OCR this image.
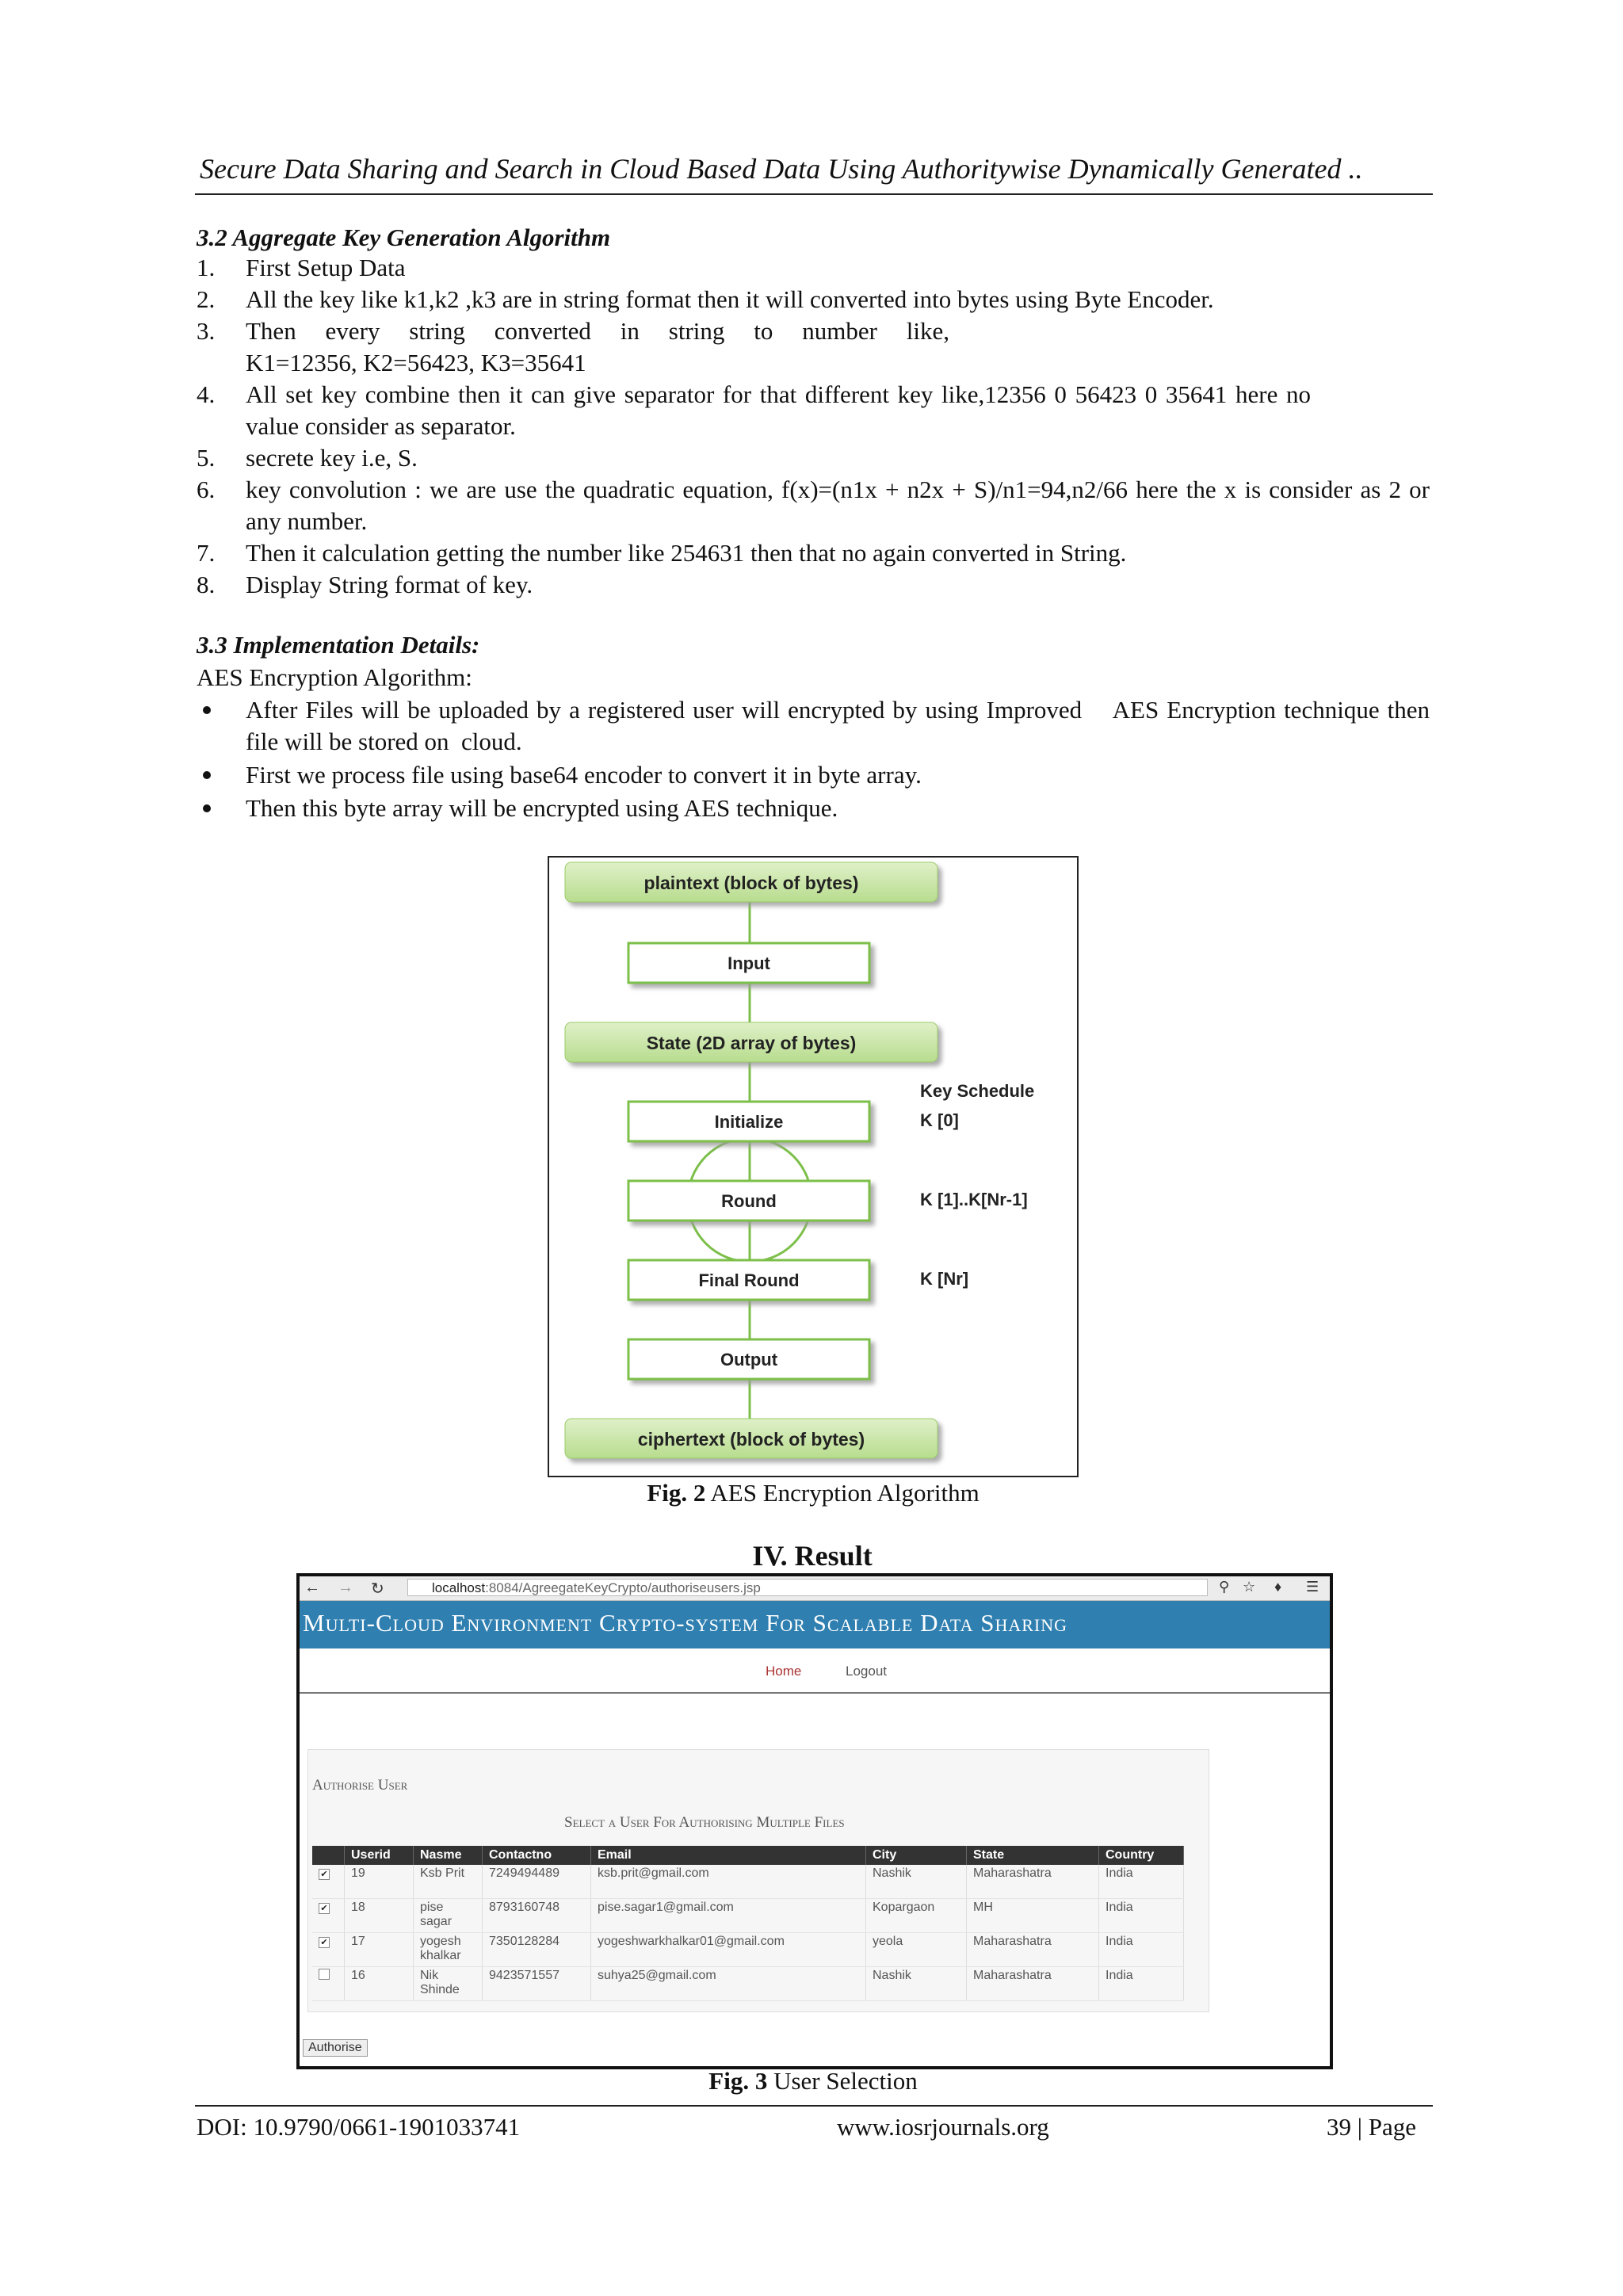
Secure Data Sharing and Search in Cloud Based Data Using Authoritywise Dynamically Generated ..
3.2 Aggregate Key Generation Algorithm
1. First Setup Data
2. All the key like k1,k2 ,k3 are in string format then it will converted into bytes using Byte Encoder.
3. Then every string converted in string to number like,
K1=12356, K2=56423, K3=35641
4. All set key combine then it can give separator for that different key like,12356 0 56423 0 35641 here no value consider as separator.
5. secrete key i.e, S.
6. key convolution : we are use the quadratic equation, f(x)=(n1x + n2x + S)/n1=94,n2/66 here the x is consider as 2 or any number.
7. Then it calculation getting the number like 254631 then that no again converted in String.
8. Display String format of key.
3.3 Implementation Details:
AES Encryption Algorithm:
After Files will be uploaded by a registered user will encrypted by using Improved    AES Encryption technique then file will be stored on  cloud.
First we process file using base64 encoder to convert it in byte array.
Then this byte array will be encrypted using AES technique.
plaintext (block of bytes)
Input
State (2D array of bytes)
Initialize
Round
Final Round
Output
ciphertext (block of bytes)
Key Schedule
K [0]
K [1]..K[Nr-1]
K [Nr]
Fig. 2 AES Encryption Algorithm
IV. Result
← → ↻	localhost:8084/AgreegateKeyCrypto/authoriseusers.jsp	⚲ ☆ ♦ ☰
Multi-Cloud Environment Crypto-system For Scalable Data Sharing
Home	Logout
Authorise User
Select a User For Authorising Multiple Files
	Userid	Nasme	Contactno	Email	City	State	Country
✔	19	Ksb Prit	7249494489	ksb.prit@gmail.com	Nashik	Maharashatra	India
✔	18	pise sagar	8793160748	pise.sagar1@gmail.com	Kopargaon	MH	India
✔	17	yogesh khalkar	7350128284	yogeshwarkhalkar01@gmail.com	yeola	Maharashatra	India
	16	Nik Shinde	9423571557	suhya25@gmail.com	Nashik	Maharashatra	India
Authorise
Fig. 3 User Selection
DOI: 10.9790/0661-1901033741	www.iosrjournals.org	39 | Page
